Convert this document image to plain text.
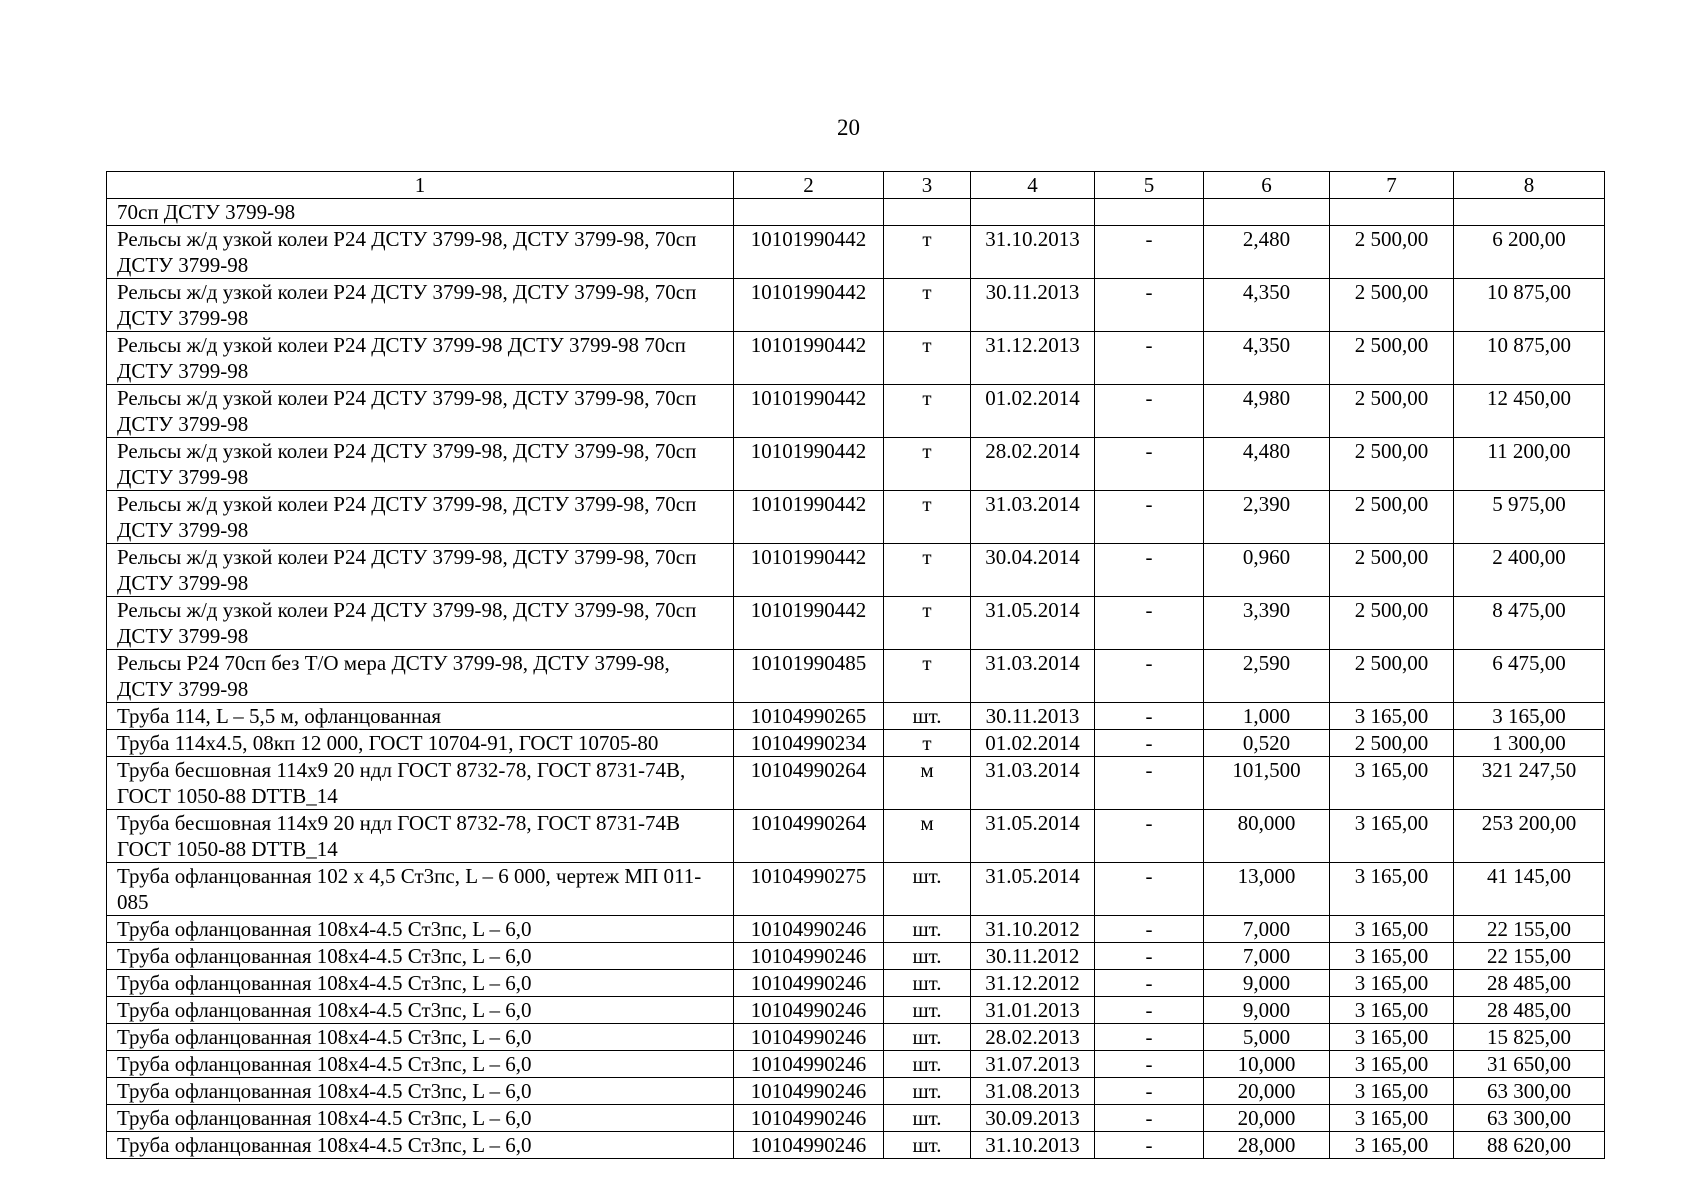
20
1	2	3	4	5	6	7	8
70сп ДСТУ 3799-98							
Рельсы ж/д узкой колеи Р24 ДСТУ 3799-98, ДСТУ 3799-98, 70сп ДСТУ 3799-98	10101990442	т	31.10.2013	-	2,480	2 500,00	6 200,00
Рельсы ж/д узкой колеи Р24 ДСТУ 3799-98, ДСТУ 3799-98, 70сп ДСТУ 3799-98	10101990442	т	30.11.2013	-	4,350	2 500,00	10 875,00
Рельсы ж/д узкой колеи Р24 ДСТУ 3799-98 ДСТУ 3799-98 70сп ДСТУ 3799-98	10101990442	т	31.12.2013	-	4,350	2 500,00	10 875,00
Рельсы ж/д узкой колеи Р24 ДСТУ 3799-98, ДСТУ 3799-98, 70сп ДСТУ 3799-98	10101990442	т	01.02.2014	-	4,980	2 500,00	12 450,00
Рельсы ж/д узкой колеи Р24 ДСТУ 3799-98, ДСТУ 3799-98, 70сп ДСТУ 3799-98	10101990442	т	28.02.2014	-	4,480	2 500,00	11 200,00
Рельсы ж/д узкой колеи Р24 ДСТУ 3799-98, ДСТУ 3799-98, 70сп ДСТУ 3799-98	10101990442	т	31.03.2014	-	2,390	2 500,00	5 975,00
Рельсы ж/д узкой колеи Р24 ДСТУ 3799-98, ДСТУ 3799-98, 70сп ДСТУ 3799-98	10101990442	т	30.04.2014	-	0,960	2 500,00	2 400,00
Рельсы ж/д узкой колеи Р24 ДСТУ 3799-98, ДСТУ 3799-98, 70сп ДСТУ 3799-98	10101990442	т	31.05.2014	-	3,390	2 500,00	8 475,00
Рельсы Р24 70сп без Т/О мера ДСТУ 3799-98, ДСТУ 3799-98, ДСТУ 3799-98	10101990485	т	31.03.2014	-	2,590	2 500,00	6 475,00
Труба 114, L – 5,5 м, офланцованная	10104990265	шт.	30.11.2013	-	1,000	3 165,00	3 165,00
Труба 114x4.5, 08кп 12 000, ГОСТ 10704-91, ГОСТ 10705-80	10104990234	т	01.02.2014	-	0,520	2 500,00	1 300,00
Труба бесшовная 114x9 20 ндл ГОСТ 8732-78, ГОСТ 8731-74В, ГОСТ 1050-88 DTTB_14	10104990264	м	31.03.2014	-	101,500	3 165,00	321 247,50
Труба бесшовная 114x9 20 ндл ГОСТ 8732-78, ГОСТ 8731-74В ГОСТ 1050-88 DTTB_14	10104990264	м	31.05.2014	-	80,000	3 165,00	253 200,00
Труба офланцованная 102 x 4,5 Ст3пс, L – 6 000, чертеж МП 011-085	10104990275	шт.	31.05.2014	-	13,000	3 165,00	41 145,00
Труба офланцованная 108x4-4.5 Ст3пс, L – 6,0	10104990246	шт.	31.10.2012	-	7,000	3 165,00	22 155,00
Труба офланцованная 108x4-4.5 Ст3пс, L – 6,0	10104990246	шт.	30.11.2012	-	7,000	3 165,00	22 155,00
Труба офланцованная 108x4-4.5 Ст3пс, L – 6,0	10104990246	шт.	31.12.2012	-	9,000	3 165,00	28 485,00
Труба офланцованная 108x4-4.5 Ст3пс, L – 6,0	10104990246	шт.	31.01.2013	-	9,000	3 165,00	28 485,00
Труба офланцованная 108x4-4.5 Ст3пс, L – 6,0	10104990246	шт.	28.02.2013	-	5,000	3 165,00	15 825,00
Труба офланцованная 108x4-4.5 Ст3пс, L – 6,0	10104990246	шт.	31.07.2013	-	10,000	3 165,00	31 650,00
Труба офланцованная 108x4-4.5 Ст3пс, L – 6,0	10104990246	шт.	31.08.2013	-	20,000	3 165,00	63 300,00
Труба офланцованная 108x4-4.5 Ст3пс, L – 6,0	10104990246	шт.	30.09.2013	-	20,000	3 165,00	63 300,00
Труба офланцованная 108x4-4.5 Ст3пс, L – 6,0	10104990246	шт.	31.10.2013	-	28,000	3 165,00	88 620,00
